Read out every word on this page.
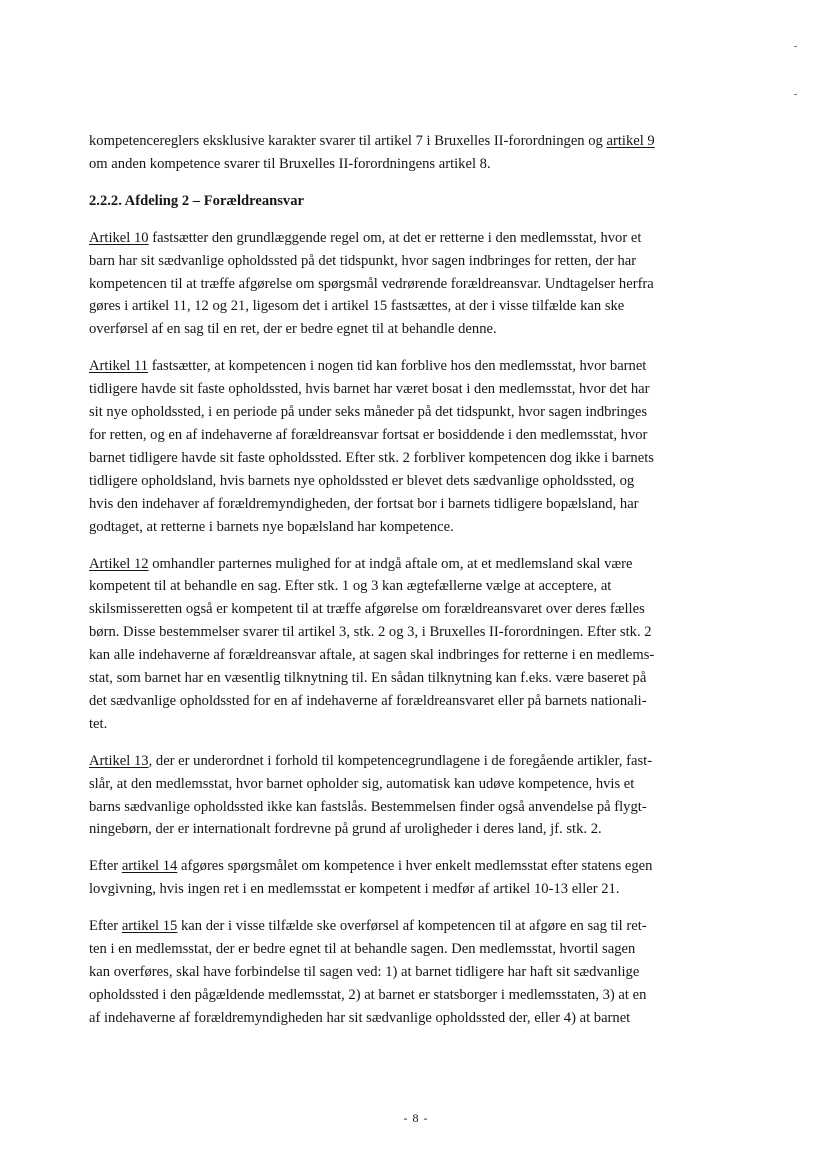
kompetencereglers eksklusive karakter svarer til artikel 7 i Bruxelles II-forordningen og artikel 9
om anden kompetence svarer til Bruxelles II-forordningens artikel 8.

2.2.2. Afdeling 2 – Forældreansvar

Artikel 10 fastsætter den grundlæggende regel om, at det er retterne i den medlemsstat, hvor et
barn har sit sædvanlige opholdssted på det tidspunkt, hvor sagen indbringes for retten, der har
kompetencen til at træffe afgørelse om spørgsmål vedrørende forældreansvar. Undtagelser herfra
gøres i artikel 11, 12 og 21, ligesom det i artikel 15 fastsættes, at der i visse tilfælde kan ske
overførsel af en sag til en ret, der er bedre egnet til at behandle denne.

Artikel 11 fastsætter, at kompetencen i nogen tid kan forblive hos den medlemsstat, hvor barnet
tidligere havde sit faste opholdssted, hvis barnet har været bosat i den medlemsstat, hvor det har
sit nye opholdssted, i en periode på under seks måneder på det tidspunkt, hvor sagen indbringes
for retten, og en af indehaverne af forældreansvar fortsat er bosiddende i den medlemsstat, hvor
barnet tidligere havde sit faste opholdssted. Efter stk. 2 forbliver kompetencen dog ikke i barnets
tidligere opholdsland, hvis barnets nye opholdssted er blevet dets sædvanlige opholdssted, og
hvis den indehaver af forældremyndigheden, der fortsat bor i barnets tidligere bopælsland, har
godtaget, at retterne i barnets nye bopælsland har kompetence.

Artikel 12 omhandler parternes mulighed for at indgå aftale om, at et medlemsland skal være
kompetent til at behandle en sag. Efter stk. 1 og 3 kan ægtefællerne vælge at acceptere, at
skilsmisseretten også er kompetent til at træffe afgørelse om forældreansvaret over deres fælles
børn. Disse bestemmelser svarer til artikel 3, stk. 2 og 3, i Bruxelles II-forordningen. Efter stk. 2
kan alle indehaverne af forældreansvar aftale, at sagen skal indbringes for retterne i en medlems-
stat, som barnet har en væsentlig tilknytning til. En sådan tilknytning kan f.eks. være baseret på
det sædvanlige opholdssted for en af indehaverne af forældreansvaret eller på barnets nationali-
tet.

Artikel 13, der er underordnet i forhold til kompetencegrundlagene i de foregående artikler, fast-
slår, at den medlemsstat, hvor barnet opholder sig, automatisk kan udøve kompetence, hvis et
barns sædvanlige opholdssted ikke kan fastslås. Bestemmelsen finder også anvendelse på flygt-
ningebørn, der er internationalt fordrevne på grund af uroligheder i deres land, jf. stk. 2.

Efter artikel 14 afgøres spørgsmålet om kompetence i hver enkelt medlemsstat efter statens egen
lovgivning, hvis ingen ret i en medlemsstat er kompetent i medfør af artikel 10-13 eller 21.

Efter artikel 15 kan der i visse tilfælde ske overførsel af kompetencen til at afgøre en sag til ret-
ten i en medlemsstat, der er bedre egnet til at behandle sagen. Den medlemsstat, hvortil sagen
kan overføres, skal have forbindelse til sagen ved: 1) at barnet tidligere har haft sit sædvanlige
opholdssted i den pågældende medlemsstat, 2) at barnet er statsborger i medlemsstaten, 3) at en
af indehaverne af forældremyndigheden har sit sædvanlige opholdssted der, eller 4) at barnet

- 8 -
